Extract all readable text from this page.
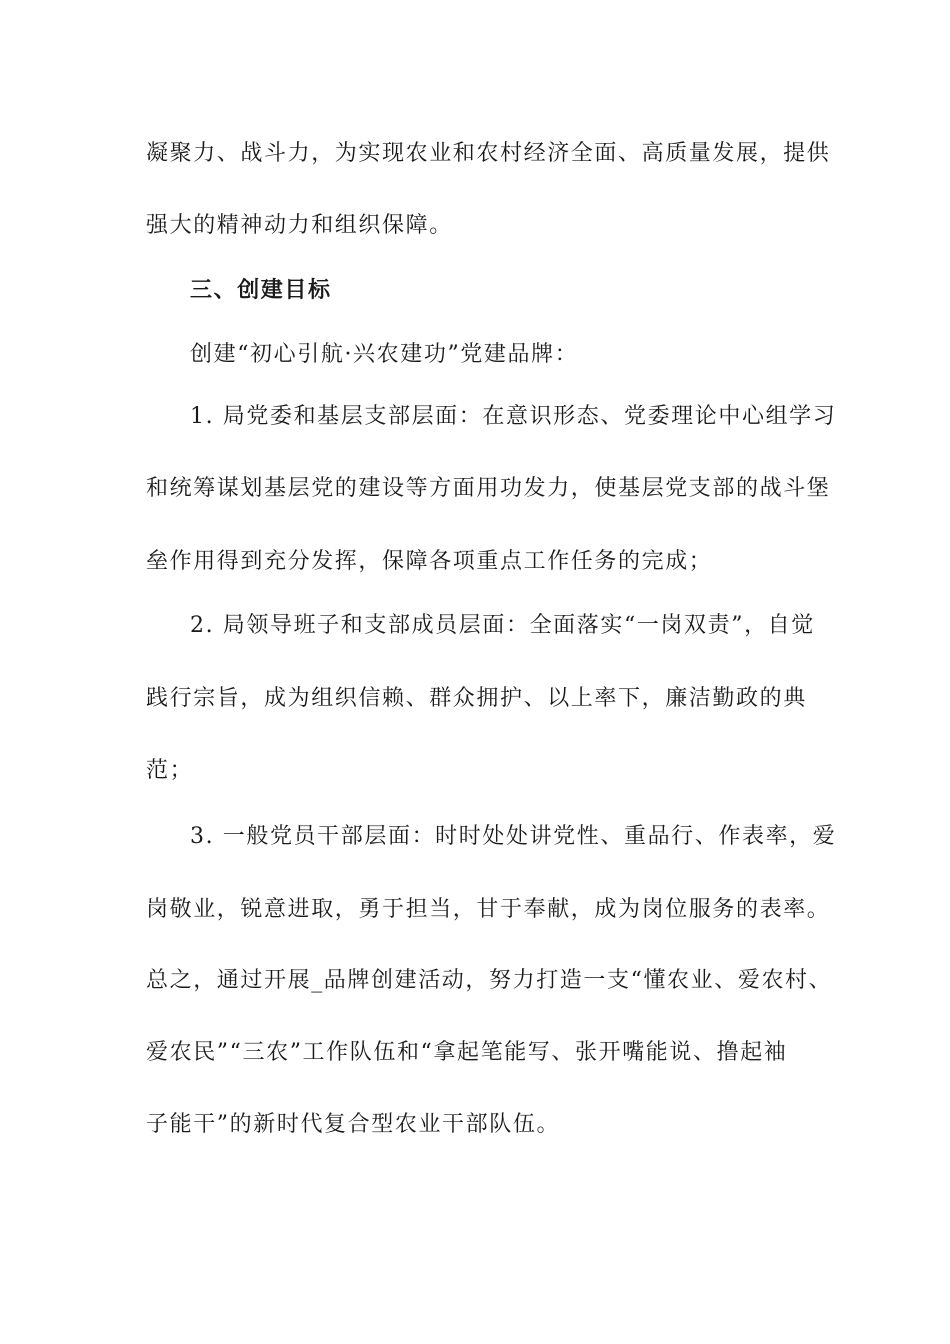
凝聚力、战斗力，为实现农业和农村经济全面、高质量发展，提供
强大的精神动力和组织保障。
三、创建目标
创建“初心引航·兴农建功”党建品牌：
1. 局党委和基层支部层面：在意识形态、党委理论中心组学习
和统筹谋划基层党的建设等方面用功发力，使基层党支部的战斗堡
垒作用得到充分发挥，保障各项重点工作任务的完成；
2. 局领导班子和支部成员层面：全面落实“一岗双责”，自觉
践行宗旨，成为组织信赖、群众拥护、以上率下，廉洁勤政的典
范；
3. 一般党员干部层面：时时处处讲党性、重品行、作表率，爱
岗敬业，锐意进取，勇于担当，甘于奉献，成为岗位服务的表率。
总之，通过开展_品牌创建活动，努力打造一支“懂农业、爱农村、
爱农民”“三农”工作队伍和“拿起笔能写、张开嘴能说、撸起袖
子能干”的新时代复合型农业干部队伍。
